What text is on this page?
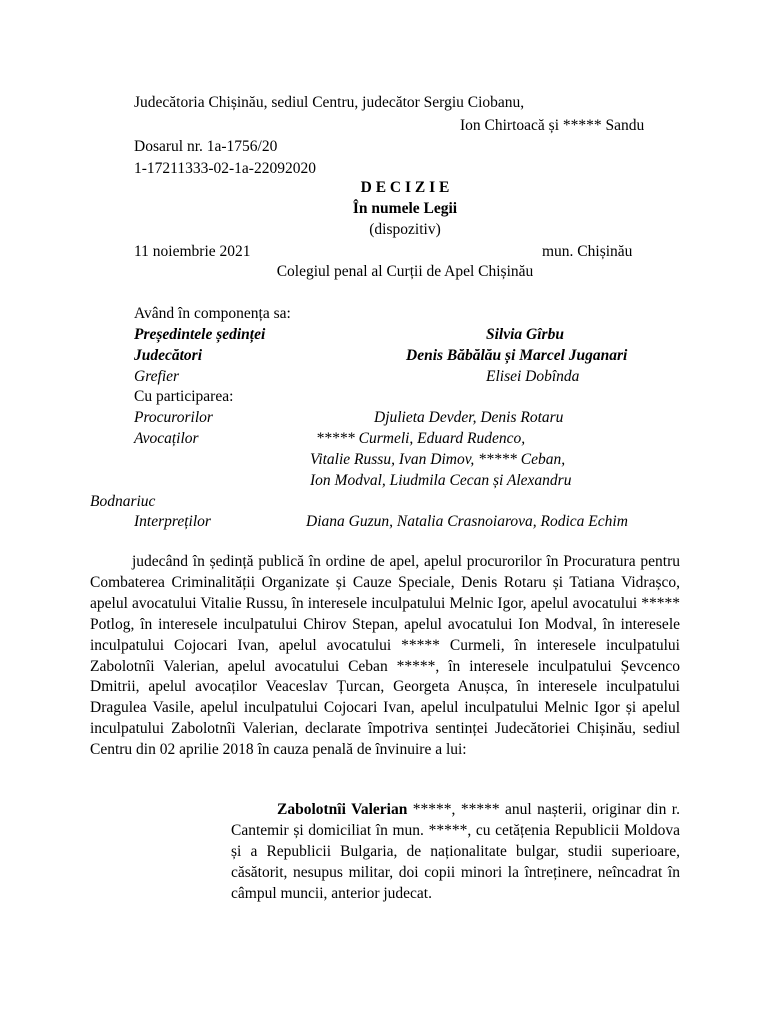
Judecătoria Chișinău, sediul Centru, judecător Sergiu Ciobanu,
Ion Chirtoacă și ***** Sandu
Dosarul nr. 1a-1756/20
1-17211333-02-1a-22092020
D E C I Z I E
În numele Legii
(dispozitiv)
11 noiembrie 2021	mun. Chișinău
Colegiul penal al Curții de Apel Chișinău
Având în componența sa:
Președintele ședinței	Silvia Gîrbu
Judecători	Denis Băbălău și Marcel Juganari
Grefier	Elisei Dobînda
Cu participarea:
Procurorilor	Djulieta Devder, Denis Rotaru
Avocaților	***** Curmeli, Eduard Rudenco,
Vitalie Russu, Ivan Dimov, ***** Ceban,
Ion Modval, Liudmila Cecan și Alexandru
Bodnariuc
Interpreților	Diana Guzun, Natalia Crasnoiarova, Rodica Echim
judecând în ședință publică în ordine de apel, apelul procurorilor în Procuratura pentru Combaterea Criminalității Organizate și Cauze Speciale, Denis Rotaru și Tatiana Vidrașco, apelul avocatului Vitalie Russu, în interesele inculpatului Melnic Igor, apelul avocatului ***** Potlog, în interesele inculpatului Chirov Stepan, apelul avocatului Ion Modval, în interesele inculpatului Cojocari Ivan, apelul avocatului ***** Curmeli, în interesele inculpatului Zabolotnîi Valerian, apelul avocatului Ceban *****, în interesele inculpatului Șevcenco Dmitrii, apelul avocaților Veaceslav Țurcan, Georgeta Anușca, în interesele inculpatului Dragulea Vasile, apelul inculpatului Cojocari Ivan, apelul inculpatului Melnic Igor și apelul inculpatului Zabolotnîi Valerian, declarate împotriva sentinței Judecătoriei Chișinău, sediul Centru din 02 aprilie 2018 în cauza penală de învinuire a lui:
Zabolotnîi Valerian *****, ***** anul nașterii, originar din r. Cantemir și domiciliat în mun. *****, cu cetățenia Republicii Moldova și a Republicii Bulgaria, de naționalitate bulgar, studii superioare, căsătorit, nesupus militar, doi copii minori la întreținere, neîncadrat în câmpul muncii, anterior judecat.
